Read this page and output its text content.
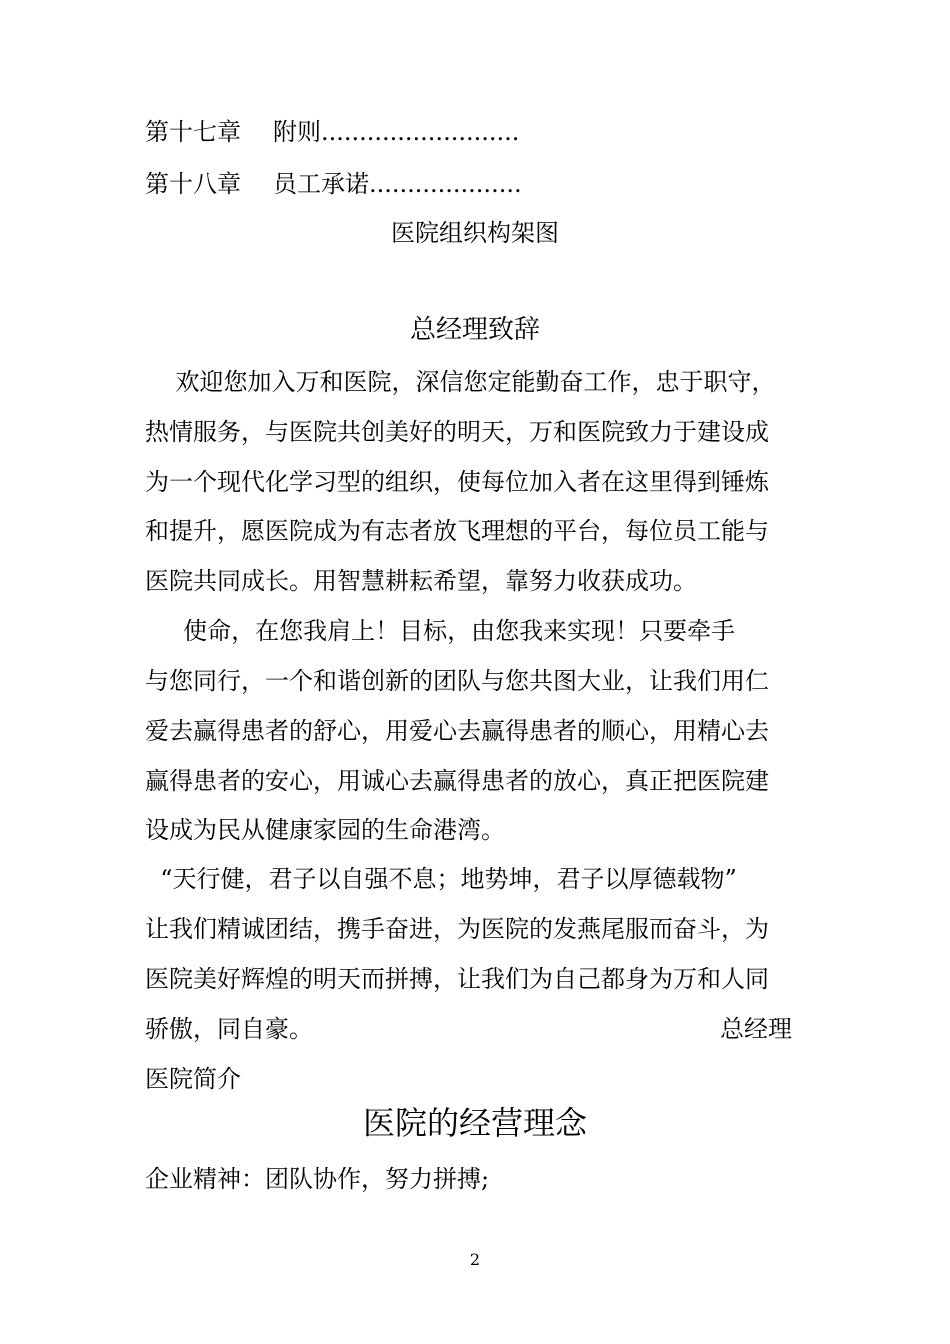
第十七章 附则..........................
第十八章 员工承诺....................
医院组织构架图
总经理致辞
欢迎您加入万和医院，深信您定能勤奋工作，忠于职守，
热情服务，与医院共创美好的明天，万和医院致力于建设成
为一个现代化学习型的组织，使每位加入者在这里得到锤炼
和提升，愿医院成为有志者放飞理想的平台，每位员工能与
医院共同成长。用智慧耕耘希望，靠努力收获成功。
使命，在您我肩上！目标，由您我来实现！只要牵手
与您同行，一个和谐创新的团队与您共图大业，让我们用仁
爱去赢得患者的舒心，用爱心去赢得患者的顺心，用精心去
赢得患者的安心，用诚心去赢得患者的放心，真正把医院建
设成为民从健康家园的生命港湾。
“天行健，君子以自强不息；地势坤，君子以厚德载物”
让我们精诚团结，携手奋进，为医院的发燕尾服而奋斗，为
医院美好辉煌的明天而拼搏，让我们为自己都身为万和人同
骄傲，同自豪。	总经理
医院简介
医院的经营理念
企业精神：团队协作，努力拼搏;
2
